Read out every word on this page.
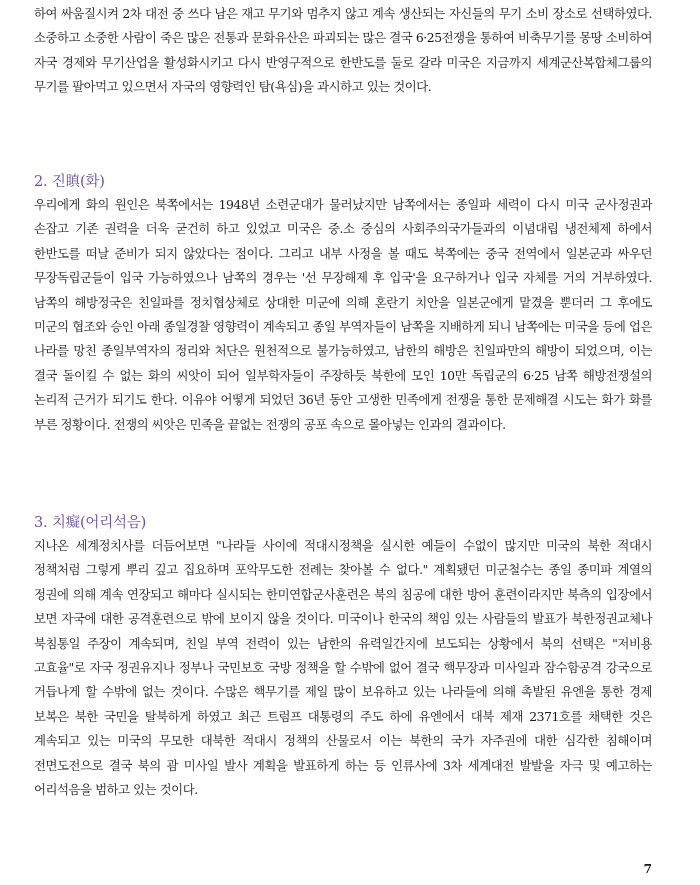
하여 싸움질시켜 2차 대전 중 쓰다 남은 재고 무기와 멈추지 않고 계속 생산되는 자신들의 무기 소비 장소로 선택하였다. 소중하고 소중한 사람이 죽은 많은 전통과 문화유산은 파괴되는 많은 결국 6·25전쟁을 통하여 비축무기를 몽땅 소비하여 자국 경제와 무기산업을 활성화시키고 다시 반영구적으로 한반도를 둘로 갈라 미국은 지금까지 세계군산복합체그룹의 무기를 팔아먹고 있으면서 자국의 영향력인 탐(욕심)을 과시하고 있는 것이다.

2. 진瞋(화)

우리에게 화의 원인은 북쪽에서는 1948년 소련군대가 물러났지만 남쪽에서는 종일파 세력이 다시 미국 군사정권과 손잡고 기존 권력을 더욱 굳건히 하고 있었고 미국은 중.소 중심의 사회주의국가들과의 이념대립 냉전체제 하에서 한반도를 떠날 준비가 되지 않았다는 점이다. 그리고 내부 사정을 볼 때도 북쪽에는 중국 전역에서 일본군과 싸우던 무장독립군들이 입국 가능하였으나 남쪽의 경우는 '선 무장해제 후 입국'을 요구하거나 입국 자체를 거의 거부하였다. 남쪽의 해방정국은 친일파를 정치협상체로 상대한 미군에 의해 혼란기 치안을 일본군에게 맡겼을 뿐더러 그 후에도 미군의 협조와 승인 아래 종일경찰 영향력이 계속되고 종일 부역자들이 남쪽을 지배하게 되니 남쪽에는 미국을 등에 업은 나라를 망친 종일부역자의 정리와 처단은 원천적으로 불가능하였고, 남한의 해방은 친일파만의 해방이 되었으며, 이는 결국 돌이킬 수 없는 화의 씨앗이 되어 일부학자들이 주장하듯 북한에 모인 10만 독립군의 6·25 남쪽 해방전쟁설의 논리적 근거가 되기도 한다. 이유야 어떻게 되었던 36년 동안 고생한 민족에게 전쟁을 통한 문제해결 시도는 화가 화를 부른 정황이다. 전쟁의 씨앗은 민족을 끝없는 전쟁의 공포 속으로 몰아넣는 인과의 결과이다.

3. 치癡(어리석음)

지나온 세계정치사를 더듬어보면 "나라들 사이에 적대시정책을 실시한 예들이 수없이 많지만 미국의 북한 적대시 정책처럼 그렇게 뿌리 깊고 집요하며 포악무도한 전례는 찾아볼 수 없다." 계획됐던 미군철수는 종일 종미파 계열의 정권에 의해 계속 연장되고 해마다 실시되는 한미연합군사훈련은 북의 침공에 대한 방어 훈련이라지만 북측의 입장에서 보면 자국에 대한 공격훈련으로 밖에 보이지 않을 것이다. 미국이나 한국의 책임 있는 사람들의 발표가 북한정권교체나 북침통일 주장이 계속되며, 친일 부역 전력이 있는 남한의 유력일간지에 보도되는 상황에서 북의 선택은 "저비용 고효율"로 자국 정권유지나 정부나 국민보호 국방 정책을 할 수밖에 없어 결국 핵무장과 미사일과 잠수함공격 강국으로 거듭나게 할 수밖에 없는 것이다. 수많은 핵무기를 제일 많이 보유하고 있는 나라들에 의해 촉발된 유엔을 통한 경제 보복은 북한 국민을 탈북하게 하였고 최근 트럼프 대통령의 주도 하에 유엔에서 대북 제재 2371호를 채택한 것은 계속되고 있는 미국의 무모한 대북한 적대시 정책의 산물로서 이는 북한의 국가 자주권에 대한 심각한 침해이며 전면도전으로 결국 북의 괌 미사일 발사 계획을 발표하게 하는 등 인류사에 3차 세계대전 발발을 자극 및 예고하는 어리석음을 범하고 있는 것이다.

7
